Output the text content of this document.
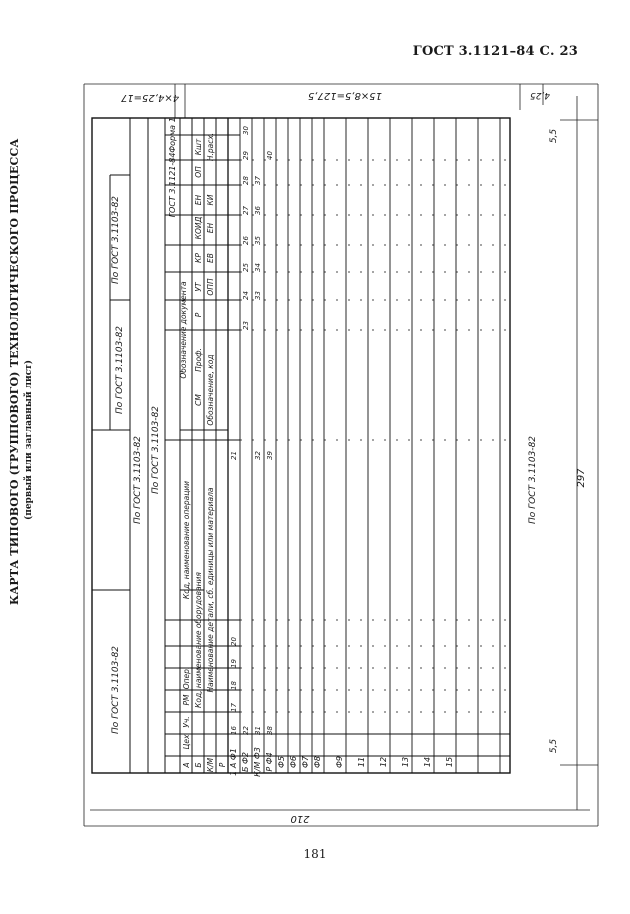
ГОСТ 3.1121–84 С. 23
КАРТА ТИПОВОГО (ГРУППОВОГО) ТЕХНОЛОГИЧЕСКОГО ПРОЦЕССА (первый или заглавный лист)
4×4,25=17	15×8,5=127,5	4,25
5,5
5,5
297
210
По ГОСТ 3.1103-82
По ГОСТ 3.1103-82
По ГОСТ 3.1103-82 По ГОСТ 3.1103-82
По ГОСТ 3.1103-82
По ГОСТ 3.1103-82
ГОСТ 3.1121-84
Форма 1
А
Цех
Уч.
РМ
Опер.
Код, наименование операции
Обозначение документа
Б
Код, наименование оборудования
СМ
Проф.
Р
УТ
КР
КОИД
ЕН
ОП
Кшт
К/М
Наименование детали, сб. единицы или материала
Обозначение, код
ОПП
ЕВ
ЕН
КИ
Н.расх.
Р 1 А Ф1 Б Ф2 К/М Ф3 Р Ф4 Ф5 Ф6 Ф7 Ф8 Ф9 11 12 13 14 15
16
17
18
19
20
21
22
23
24
25
26
27
28
29
30
31
32
33
34
35
36
37
38
39
40
181
